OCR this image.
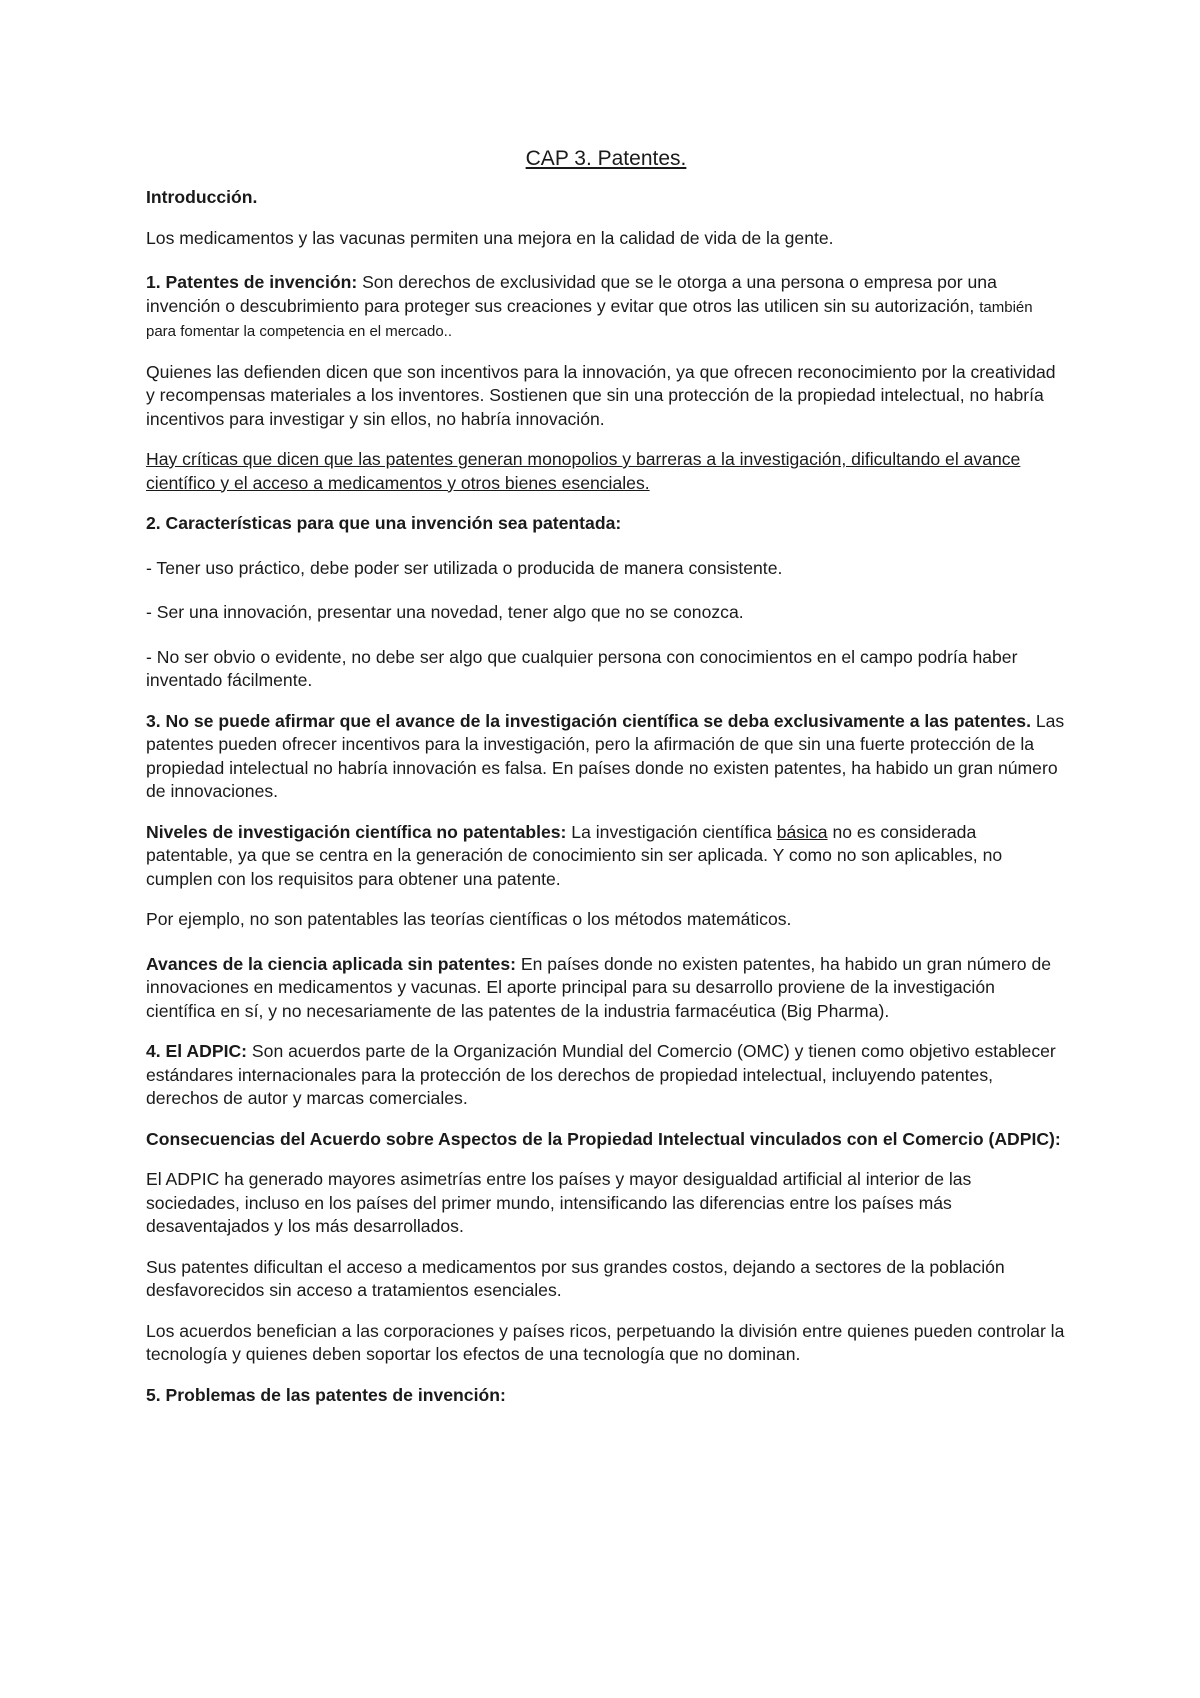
CAP 3. Patentes.

Introducción.

Los medicamentos y las vacunas permiten una mejora en la calidad de vida de la gente.

1. Patentes de invención: Son derechos de exclusividad que se le otorga a una persona o empresa por una invención o descubrimiento para proteger sus creaciones y evitar que otros las utilicen sin su autorización, también para fomentar la competencia en el mercado..

Quienes las defienden dicen que son incentivos para la innovación, ya que ofrecen reconocimiento por la creatividad y recompensas materiales a los inventores. Sostienen que sin una protección de la propiedad intelectual, no habría incentivos para investigar y sin ellos, no habría innovación.

Hay críticas que dicen que las patentes generan monopolios y barreras a la investigación, dificultando el avance científico y el acceso a medicamentos y otros bienes esenciales.

2. Características para que una invención sea patentada:

- Tener uso práctico, debe poder ser utilizada o producida de manera consistente.

- Ser una innovación, presentar una novedad, tener algo que no se conozca.

- No ser obvio o evidente, no debe ser algo que cualquier persona con conocimientos en el campo podría haber inventado fácilmente.

3. No se puede afirmar que el avance de la investigación científica se deba exclusivamente a las patentes. Las patentes pueden ofrecer incentivos para la investigación, pero la afirmación de que sin una fuerte protección de la propiedad intelectual no habría innovación es falsa. En países donde no existen patentes, ha habido un gran número de innovaciones.

Niveles de investigación científica no patentables: La investigación científica básica no es considerada patentable, ya que se centra en la generación de conocimiento sin ser aplicada. Y como no son aplicables, no cumplen con los requisitos para obtener una patente.

Por ejemplo, no son patentables las teorías científicas o los métodos matemáticos.

Avances de la ciencia aplicada sin patentes: En países donde no existen patentes, ha habido un gran número de innovaciones en medicamentos y vacunas. El aporte principal para su desarrollo proviene de la investigación científica en sí, y no necesariamente de las patentes de la industria farmacéutica (Big Pharma).

4. El ADPIC: Son acuerdos parte de la Organización Mundial del Comercio (OMC) y tienen como objetivo establecer estándares internacionales para la protección de los derechos de propiedad intelectual, incluyendo patentes, derechos de autor y marcas comerciales.

Consecuencias del Acuerdo sobre Aspectos de la Propiedad Intelectual vinculados con el Comercio (ADPIC):

El ADPIC ha generado mayores asimetrías entre los países y mayor desigualdad artificial al interior de las sociedades, incluso en los países del primer mundo, intensificando las diferencias entre los países más desaventajados y los más desarrollados.

Sus patentes dificultan el acceso a medicamentos por sus grandes costos, dejando a sectores de la población desfavorecidos sin acceso a tratamientos esenciales.

Los acuerdos benefician a las corporaciones y países ricos, perpetuando la división entre quienes pueden controlar la tecnología y quienes deben soportar los efectos de una tecnología que no dominan.

5. Problemas de las patentes de invención:
